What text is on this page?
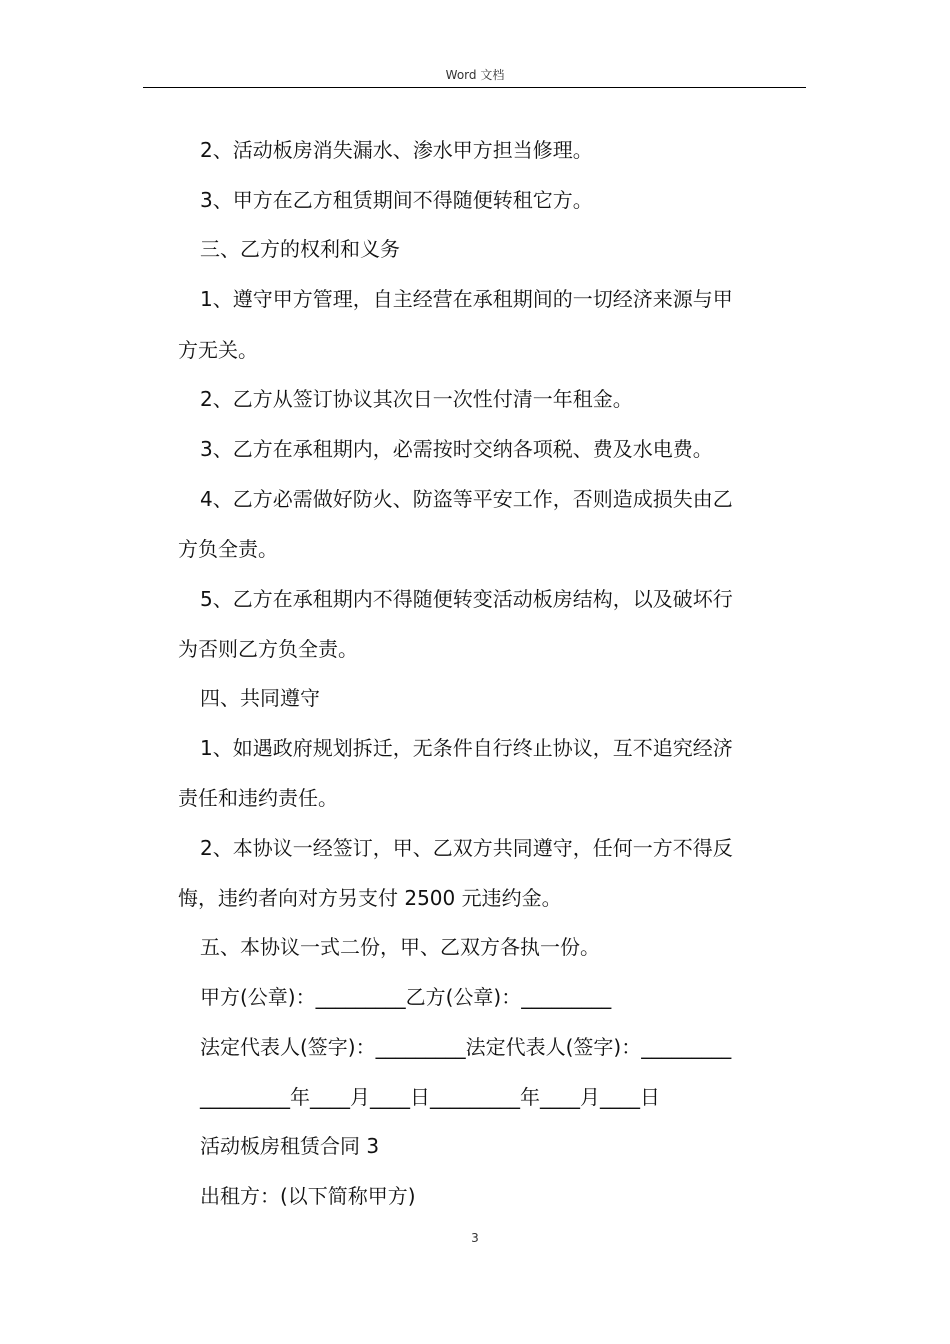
Word 文档
2、活动板房消失漏水、渗水甲方担当修理。
3、甲方在乙方租赁期间不得随便转租它方。
三、乙方的权利和义务
1、遵守甲方管理，自主经营在承租期间的一切经济来源与甲
方无关。
2、乙方从签订协议其次日一次性付清一年租金。
3、乙方在承租期内，必需按时交纳各项税、费及水电费。
4、乙方必需做好防火、防盗等平安工作，否则造成损失由乙
方负全责。
5、乙方在承租期内不得随便转变活动板房结构，以及破坏行
为否则乙方负全责。
四、共同遵守
1、如遇政府规划拆迁，无条件自行终止协议，互不追究经济
责任和违约责任。
2、本协议一经签订，甲、乙双方共同遵守，任何一方不得反
悔，违约者向对方另支付 2500 元违约金。
五、本协议一式二份，甲、乙双方各执一份。
甲方(公章)：_________乙方(公章)：_________
法定代表人(签字)：_________法定代表人(签字)：_________
_________年____月____日_________年____月____日
活动板房租赁合同 3
出租方：(以下简称甲方)
3
